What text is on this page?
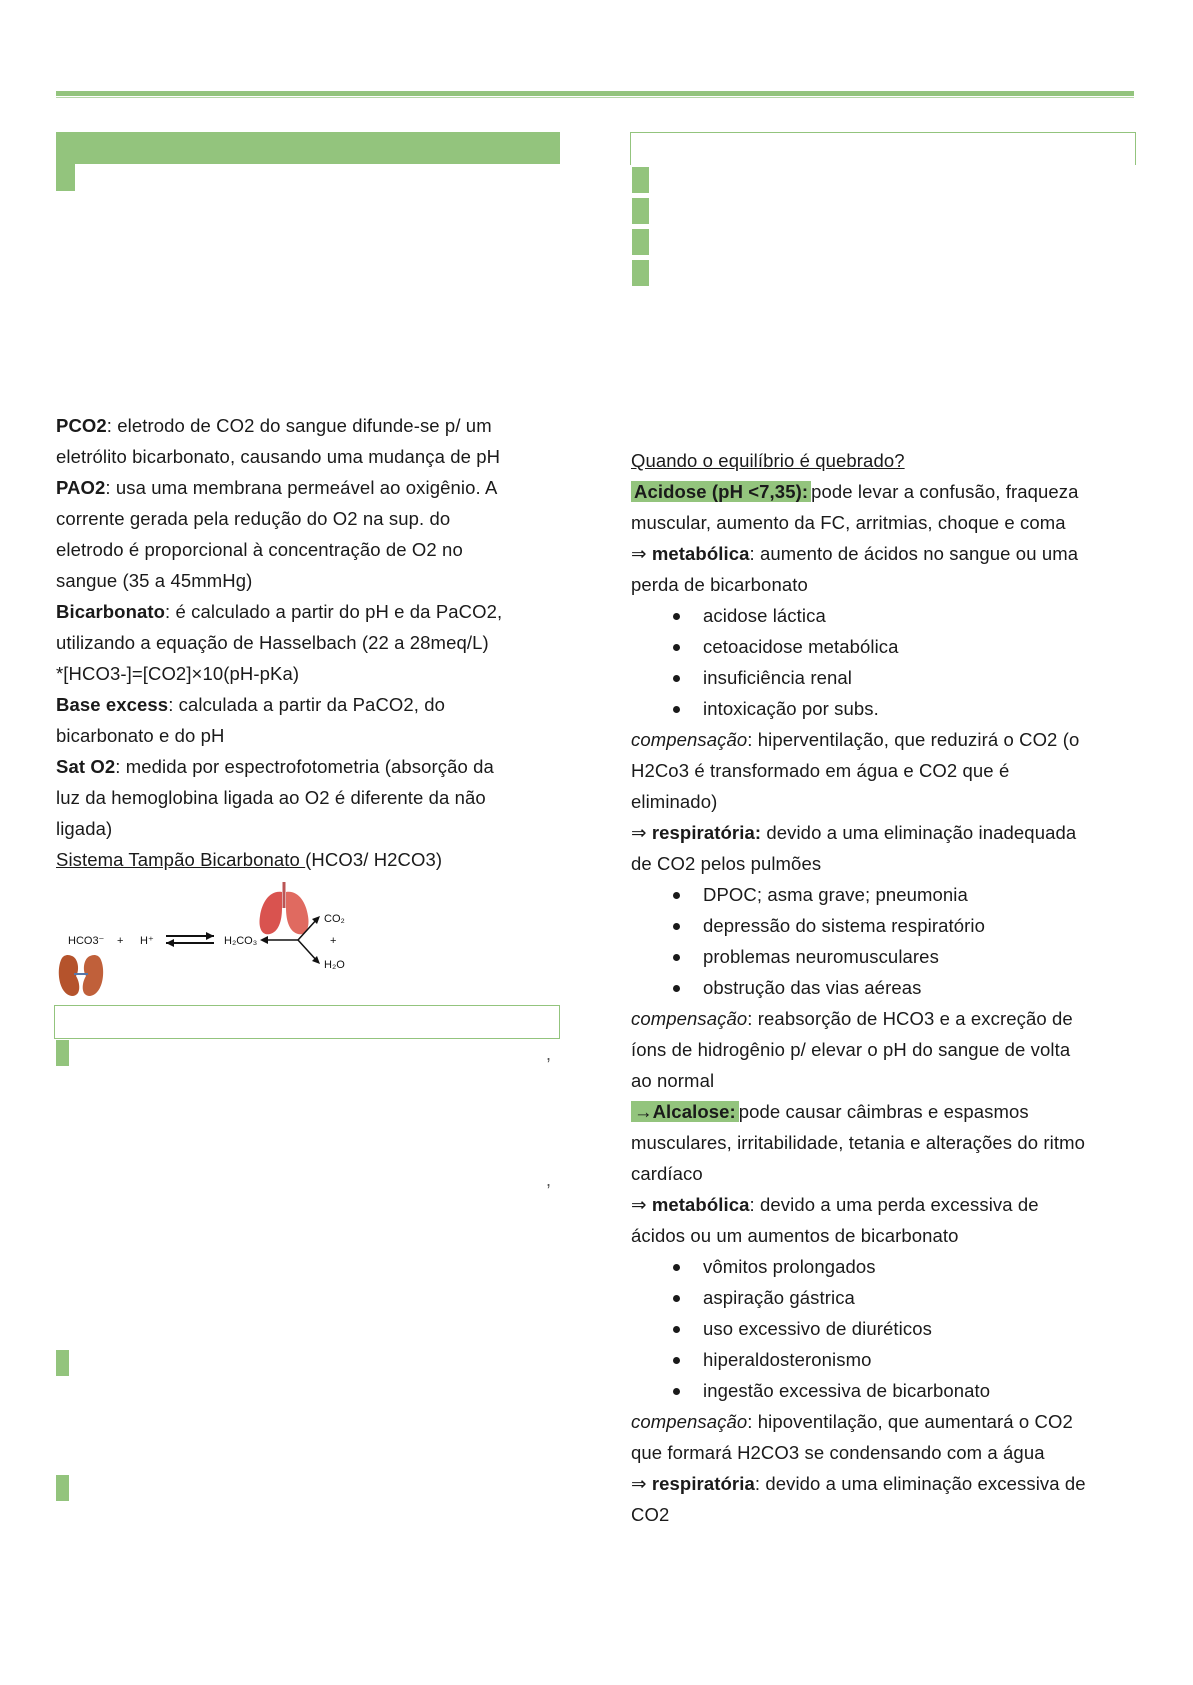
PCO2: eletrodo de CO2 do sangue difunde-se p/ um

eletrólito bicarbonato, causando uma mudança de pH

PAO2: usa uma membrana permeável ao oxigênio. A

corrente gerada pela redução do O2 na sup. do

eletrodo é proporcional à concentração de O2 no

sangue (35 a 45mmHg)

Bicarbonato: é calculado a partir do pH e da PaCO2,

utilizando a equação de Hasselbach (22 a 28meq/L)

*[HCO3-]=[CO2]×10(pH-pKa)

Base excess: calculada a partir da PaCO2, do

bicarbonato e do pH

Sat O2: medida por espectrofotometria (absorção da

luz da hemoglobina ligada ao O2 é diferente da não

ligada)

Sistema Tampão Bicarbonato (HCO3/ H2CO3)

HCO3⁻ + H⁺	H₂CO₃
CO₂
+
H₂O
,
,

Quando o equilíbrio é quebrado?

Acidose (pH <7,35): pode levar a confusão, fraqueza

muscular, aumento da FC, arritmias, choque e coma

⇒ metabólica: aumento de ácidos no sangue ou uma

perda de bicarbonato

acidose láctica

cetoacidose metabólica

insuficiência renal

intoxicação por subs.

compensação: hiperventilação, que reduzirá o CO2 (o

H2Co3 é transformado em água e CO2 que é

eliminado)

⇒ respiratória: devido a uma eliminação inadequada

de CO2 pelos pulmões

DPOC; asma grave; pneumonia

depressão do sistema respiratório

problemas neuromusculares

obstrução das vias aéreas

compensação: reabsorção de HCO3 e a excreção de

íons de hidrogênio p/ elevar o pH do sangue de volta

ao normal

→Alcalose: pode causar câimbras e espasmos

musculares, irritabilidade, tetania e alterações do ritmo

cardíaco

⇒ metabólica: devido a uma perda excessiva de

ácidos ou um aumentos de bicarbonato

vômitos prolongados

aspiração gástrica

uso excessivo de diuréticos

hiperaldosteronismo

ingestão excessiva de bicarbonato

compensação: hipoventilação, que aumentará o CO2

que formará H2CO3 se condensando com a água

⇒ respiratória: devido a uma eliminação excessiva de

CO2
